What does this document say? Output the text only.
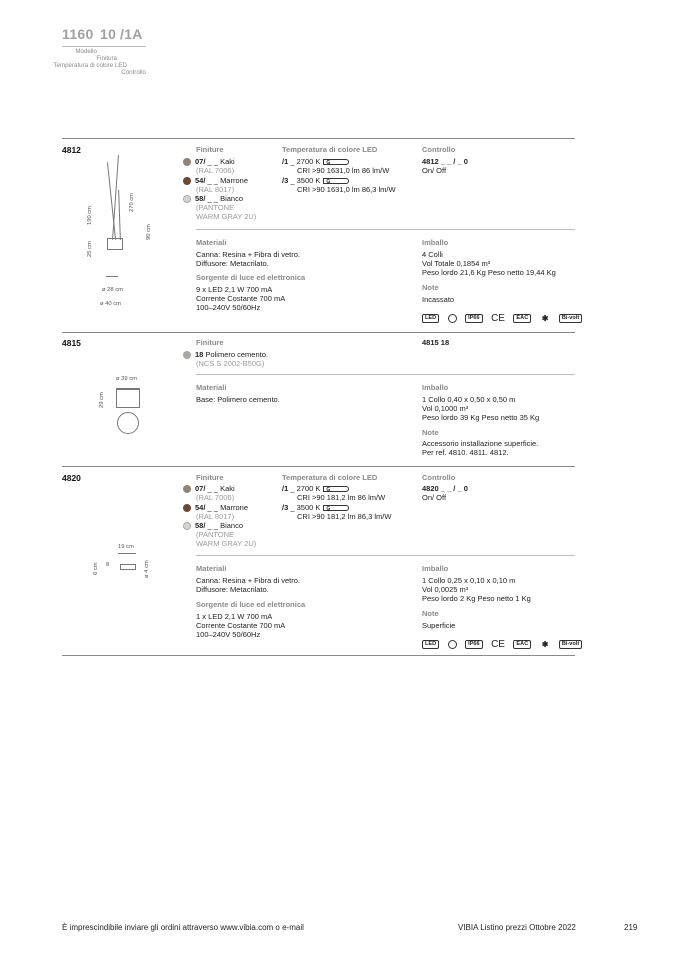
1160 10 /1A
Modello
Finitura
Temperatura di colore LED
Controllo
4812
190 cm
270 cm
90 cm
25 cm
ø 28 cm
ø 40 cm
Finiture
07/ _ _ Kaki
(RAL 7006)
54/ _ _ Marrone
(RAL 8017)
58/ _ _ Bianco
(PANTONE
WARM GRAY 2U)
Temperatura di colore LED
/1 _ 2700 K G
CRI >90 1631,0 lm 86 lm/W
/3 _ 3500 K G
CRI >90 1631,0 lm 86,3 lm/W
Controllo
4812 _ _ / _ 0
On/ Off
Materiali
Canna: Resina + Fibra di vetro.
Diffusore: Metacrilato.
Sorgente di luce ed elettronica
9 x LED 2,1 W 700 mA
Corrente Costante 700 mA
100–240V 50/60Hz
Imballo
4 Colli
Vol Totale 0,1854 m³
Peso lordo 21,6 Kg Peso netto 19,44 Kg
Note
Incassato
LED	IP66 CE EAC ✱ Bi-volt
4815
ø 39 cm
29 cm
Finiture
18 Polimero cemento.
(NCS S 2002-B50G)
4815 18
Materiali
Base: Polimero cemento.
Imballo
1 Collo 0,40 x 0,50 x 0,50 m
Vol 0,1000 m³
Peso lordo 39 Kg Peso netto 35 Kg
Note
Accessorio installazione superficie.
Per ref. 4810. 4811. 4812.
4820
19 cm
6 cm 8	ø 4 cm
Finiture
07/ _ _ Kaki
(RAL 7006)
54/ _ _ Marrone
(RAL 8017)
58/ _ _ Bianco
(PANTONE
WARM GRAY 2U)
Temperatura di colore LED
/1 _ 2700 K G
CRI >90 181,2 lm 86 lm/W
/3 _ 3500 K G
CRI >90 181,2 lm 86,3 lm/W
Controllo
4820 _ _ / _ 0
On/ Off
Materiali
Canna: Resina + Fibra di vetro.
Diffusore: Metacrilato.
Sorgente di luce ed elettronica
1 x LED 2,1 W 700 mA
Corrente Costante 700 mA
100–240V 50/60Hz
Imballo
1 Collo 0,25 x 0,10 x 0,10 m
Vol 0,0025 m³
Peso lordo 2 Kg Peso netto 1 Kg
Note
Superficie
LED	IP66 CE EAC ✱ Bi-volt
È imprescindibile inviare gli ordini attraverso www.vibia.com o e-mail	VIBIA Listino prezzi Ottobre 2022	219
